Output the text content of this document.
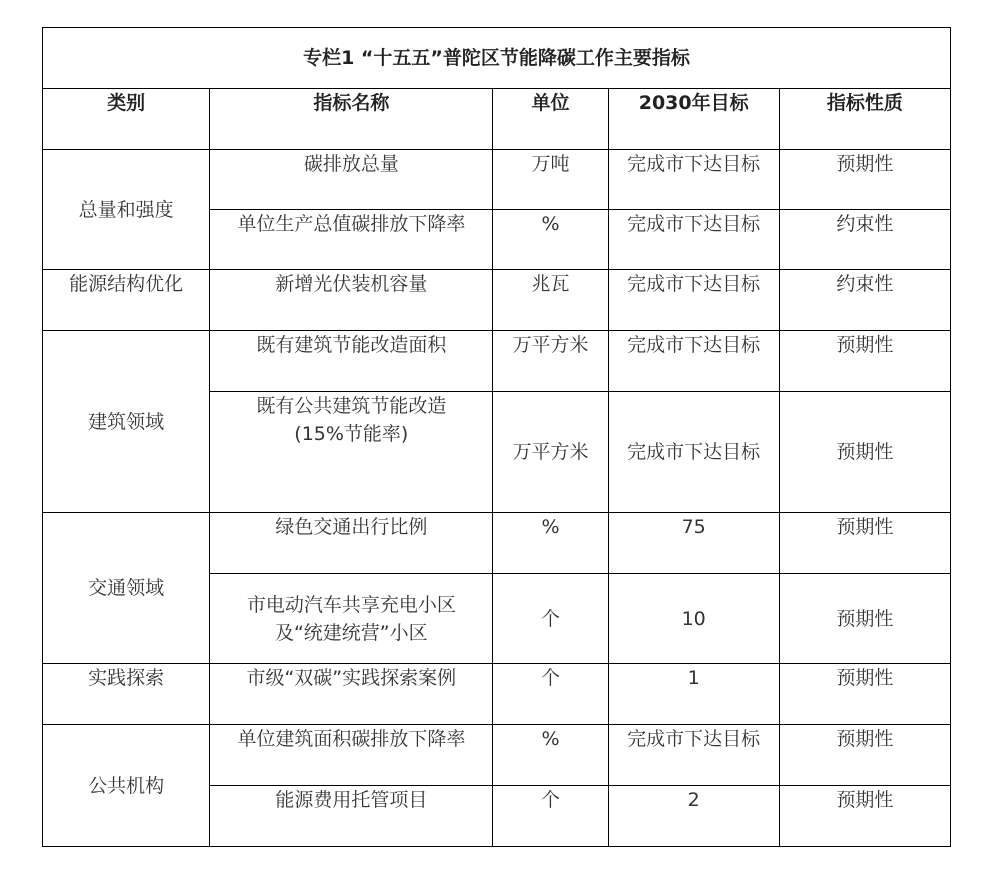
专栏1 “十五五”普陀区节能降碳工作主要指标				
类别	指标名称	单位	2030年目标	指标性质
总量和强度	碳排放总量	万吨	完成市下达目标	预期性
	单位生产总值碳排放下降率	%	完成市下达目标	约束性
能源结构优化	新增光伏装机容量	兆瓦	完成市下达目标	约束性
建筑领域	既有建筑节能改造面积	万平方米	完成市下达目标	预期性

	既有公共建筑节能改造
(15%节能率)	万平方米	完成市下达目标	预期性
交通领域	绿色交通出行比例	%	75	预期性

	市电动汽车共享充电小区
及“统建统营”小区	个	10	预期性
实践探索	市级“双碳”实践探索案例	个	1	预期性
公共机构	单位建筑面积碳排放下降率	%	完成市下达目标	预期性
	能源费用托管项目	个	2	预期性
